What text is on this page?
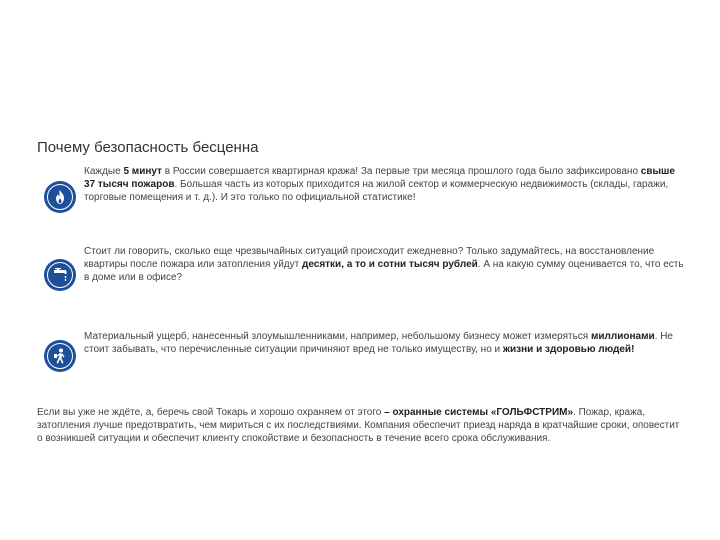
Почему безопасность бесценна
Каждые 5 минут в России совершается квартирная кража! За первые три месяца прошлого года было зафиксировано свыше 37 тысяч пожаров. Большая часть из которых приходится на жилой сектор и коммерческую недвижимость (склады, гаражи, торговые помещения и т. д.). И это только по официальной статистике!
Стоит ли говорить, сколько еще чрезвычайных ситуаций происходит ежедневно? Только задумайтесь, на восстановление квартиры после пожара или затопления уйдут десятки, а то и сотни тысяч рублей. А на какую сумму оценивается то, что есть в доме или в офисе?
Материальный ущерб, нанесенный злоумышленниками, например, небольшому бизнесу может измеряться миллионами. Не стоит забывать, что перечисленные ситуации причиняют вред не только имуществу, но и жизни и здоровью людей!
Если вы уже не ждёте, а, беречь свой Токарь и хорошо охраняем от этого – охранные системы «ГОЛЬФСТРИМ». Пожар, кража, затопления лучше предотвратить, чем мириться с их последствиями. Компания обеспечит приезд наряда в кратчайшие сроки, оповестит о возникшей ситуации и обеспечит клиенту спокойствие и безопасность в течение всего срока обслуживания.
